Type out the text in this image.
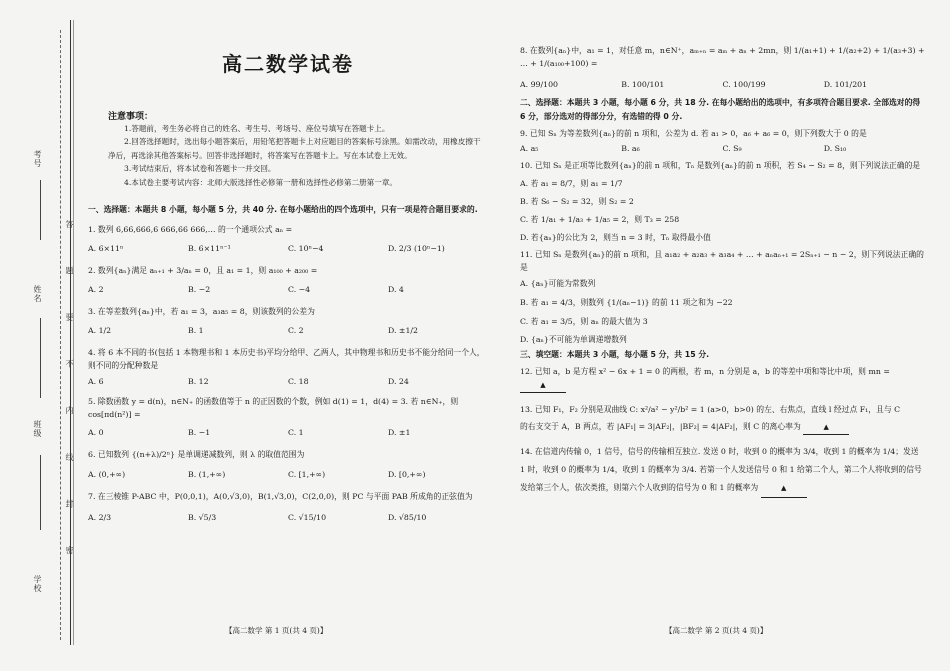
考号
姓名
班级
学校
答 题 要 不 内 线 封 密
高二数学试卷
注意事项：
1.答题前，考生务必将自己的姓名、考生号、考场号、座位号填写在答题卡上。
2.回答选择题时，选出每小题答案后，用铅笔把答题卡上对应题目的答案标号涂黑。如需改动，用橡皮擦干净后，再选涂其他答案标号。回答非选择题时，将答案写在答题卡上。写在本试卷上无效。
3.考试结束后，将本试卷和答题卡一并交回。
4.本试卷主要考试内容：北师大版选择性必修第一册和选择性必修第二册第一章。
一、选择题：本题共 8 小题，每小题 5 分，共 40 分. 在每小题给出的四个选项中，只有一项是符合题目要求的.
1. 数列 6,66,666,6 666,66 666,… 的一个通项公式 aₙ =
A. 6×11ⁿ	B. 6×11ⁿ⁻¹	C. 10ⁿ−4	D. 2/3 (10ⁿ−1)
2. 数列{aₙ}满足 aₙ₊₁ + 3/aₙ = 0，且 a₁ = 1，则 a₁₀₀ + a₂₀₀ =
A. 2	B. −2	C. −4	D. 4
3. 在等差数列{aₙ}中，若 a₁ = 3，a₃a₅ = 8，则该数列的公差为
A. 1/2	B. 1	C. 2	D. ±1/2
4. 将 6 本不同的书(包括 1 本物理书和 1 本历史书)平均分给甲、乙两人，其中物理书和历史书不能分给同一个人，则不同的分配种数是
A. 6	B. 12	C. 18	D. 24
5. 除数函数 y = d(n)，n∈N₊ 的函数值等于 n 的正因数的个数，例如 d(1) = 1，d(4) = 3. 若 n∈N₊，则 cos[πd(n²)] =
A. 0	B. −1	C. 1	D. ±1
6. 已知数列 {(n+λ)/2ⁿ} 是单调递减数列，则 λ 的取值范围为
A. (0,+∞)	B. (1,+∞)	C. [1,+∞)	D. [0,+∞)
7. 在三棱锥 P-ABC 中，P(0,0,1)，A(0,√3,0)，B(1,√3,0)，C(2,0,0)，则 PC 与平面 PAB 所成角的正弦值为
A. 2/3	B. √5/3	C. √15/10	D. √85/10
【高二数学 第 1 页(共 4 页)】
8. 在数列{aₙ}中，a₁ = 1，对任意 m，n∈N⁺，aₘ₊ₙ = aₘ + aₙ + 2mn，则 1/(a₁+1) + 1/(a₂+2) + 1/(a₃+3) + … + 1/(a₁₀₀+100) =
A. 99/100	B. 100/101	C. 100/199	D. 101/201
二、选择题：本题共 3 小题，每小题 6 分，共 18 分. 在每小题给出的选项中，有多项符合题目要求. 全部选对的得 6 分，部分选对的得部分分，有选错的得 0 分.
9. 已知 Sₙ 为等差数列{aₙ}的前 n 项和，公差为 d. 若 a₁ > 0，a₆ + a₆ = 0，则下列数大于 0 的是
A. a₅	B. a₆	C. S₉	D. S₁₀
10. 已知 Sₙ 是正项等比数列{aₙ}的前 n 项和，Tₙ 是数列{aₙ}的前 n 项积，若 S₄ − S₂ = 8，则下列说法正确的是
A. 若 a₁ = 8/7，则 a₁ = 1/7
B. 若 S₆ − S₂ = 32，则 S₂ = 2
C. 若 1/a₁ + 1/a₃ + 1/a₅ = 2，则 T₃ = 258
D. 若{aₙ}的公比为 2，则当 n = 3 时，Tₙ 取得最小值
11. 已知 Sₙ 是数列{aₙ}的前 n 项和，且 a₁a₂ + a₂a₃ + a₃a₄ + … + aₙaₙ₊₁ = 2Sₙ₊₁ − n − 2，则下列说法正确的是
A. {aₙ}可能为常数列
B. 若 a₁ = 4/3，则数列 {1/(aₙ−1)} 的前 11 项之和为 −22
C. 若 a₁ = 3/5，则 aₙ 的最大值为 3
D. {aₙ}不可能为单调递增数列
三、填空题：本题共 3 小题，每小题 5 分，共 15 分.
12. 已知 a，b 是方程 x² − 6x + 1 = 0 的两根，若 m，n 分别是 a，b 的等差中项和等比中项，则 mn = ▲
13. 已知 F₁，F₂ 分别是双曲线 C: x²/a² − y²/b² = 1 (a>0，b>0) 的左、右焦点，直线 l 经过点 F₁，且与 C
的右支交于 A，B 两点，若 |AF₁| = 3|AF₂|，|BF₂| = 4|AF₂|，则 C 的离心率为	▲
14. 在信道内传输 0，1 信号，信号的传输相互独立. 发送 0 时，收到 0 的概率为 3/4，收到 1 的概率为 1/4；发送 1 时，收到 0 的概率为 1/4，收到 1 的概率为 3/4. 若第一个人发送信号 0 和 1 给第二个人，第二个人将收到的信号发给第三个人，依次类推，则第六个人收到的信号为 0 和 1 的概率为	▲
【高二数学 第 2 页(共 4 页)】
